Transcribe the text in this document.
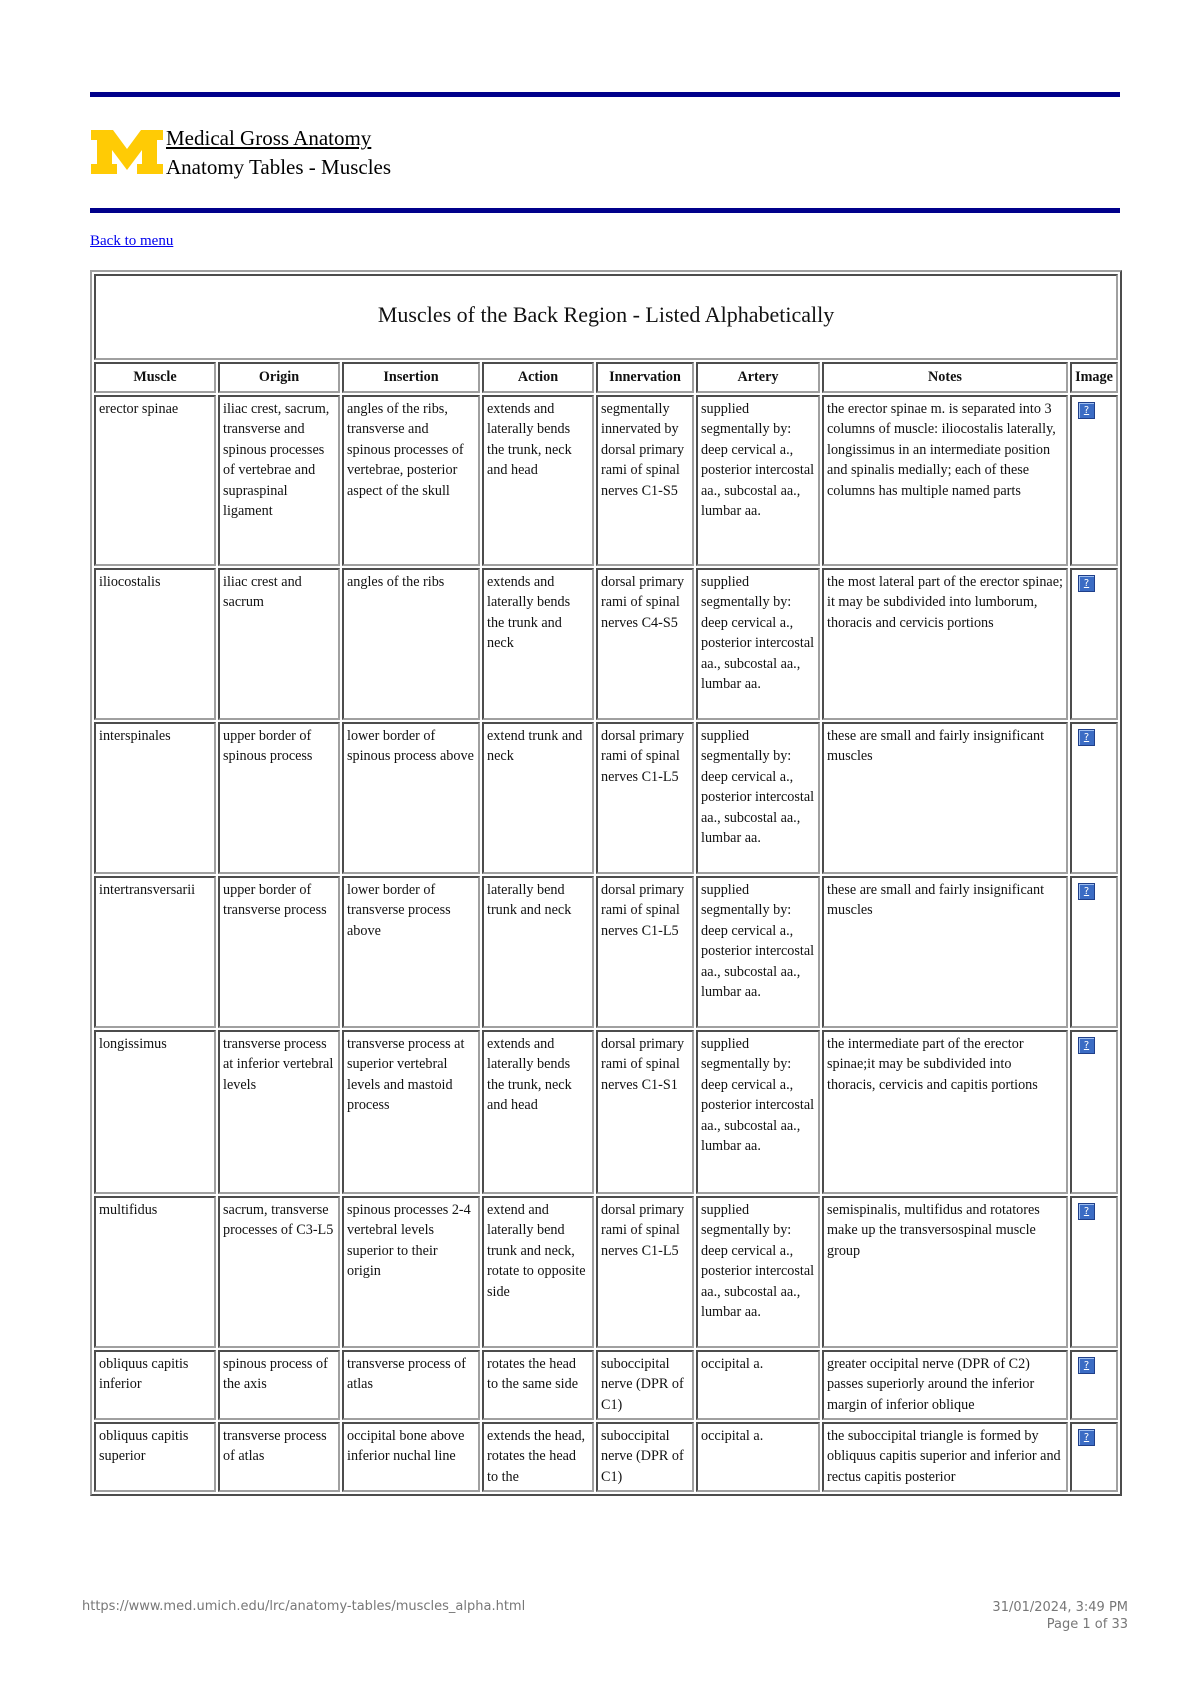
Medical Gross Anatomy
Anatomy Tables - Muscles
Back to menu
Muscles of the Back Region - Listed Alphabetically							
Muscle	Origin	Insertion	Action	Innervation	Artery	Notes	Image
erector spinae	iliac crest, sacrum, transverse and spinous processes of vertebrae and supraspinal ligament	angles of the ribs, transverse and spinous processes of vertebrae, posterior aspect of the skull	extends and laterally bends the trunk, neck and head	segmentally innervated by dorsal primary rami of spinal nerves C1-S5	supplied segmentally by: deep cervical a., posterior intercostal aa., subcostal aa., lumbar aa.	the erector spinae m. is separated into 3 columns of muscle: iliocostalis laterally, longissimus in an intermediate position and spinalis medially; each of these columns has multiple named parts	?
iliocostalis	iliac crest and sacrum	angles of the ribs	extends and laterally bends the trunk and neck	dorsal primary rami of spinal nerves C4-S5	supplied segmentally by: deep cervical a., posterior intercostal aa., subcostal aa., lumbar aa.	the most lateral part of the erector spinae; it may be subdivided into lumborum, thoracis and cervicis portions	?
interspinales	upper border of spinous process	lower border of spinous process above	extend trunk and neck	dorsal primary rami of spinal nerves C1-L5	supplied segmentally by: deep cervical a., posterior intercostal aa., subcostal aa., lumbar aa.	these are small and fairly insignificant muscles	?
intertransversarii	upper border of transverse process	lower border of transverse process above	laterally bend trunk and neck	dorsal primary rami of spinal nerves C1-L5	supplied segmentally by: deep cervical a., posterior intercostal aa., subcostal aa., lumbar aa.	these are small and fairly insignificant muscles	?
longissimus	transverse process at inferior vertebral levels	transverse process at superior vertebral levels and mastoid process	extends and laterally bends the trunk, neck and head	dorsal primary rami of spinal nerves C1-S1	supplied segmentally by: deep cervical a., posterior intercostal aa., subcostal aa., lumbar aa.	the intermediate part of the erector spinae;it may be subdivided into thoracis, cervicis and capitis portions	?
multifidus	sacrum, transverse processes of C3-L5	spinous processes 2-4 vertebral levels superior to their origin	extend and laterally bend trunk and neck, rotate to opposite side	dorsal primary rami of spinal nerves C1-L5	supplied segmentally by: deep cervical a., posterior intercostal aa., subcostal aa., lumbar aa.	semispinalis, multifidus and rotatores make up the transversospinal muscle group	?
obliquus capitis inferior	spinous process of the axis	transverse process of atlas	rotates the head to the same side	suboccipital nerve (DPR of C1)	occipital a.	greater occipital nerve (DPR of C2) passes superiorly around the inferior margin of inferior oblique	?
obliquus capitis superior	transverse process of atlas	occipital bone above inferior nuchal line	extends the head, rotates the head to the	suboccipital nerve (DPR of C1)	occipital a.	the suboccipital triangle is formed by obliquus capitis superior and inferior and rectus capitis posterior	?
https://www.med.umich.edu/lrc/anatomy-tables/muscles_alpha.html	31/01/2024, 3:49 PM
Page 1 of 33
